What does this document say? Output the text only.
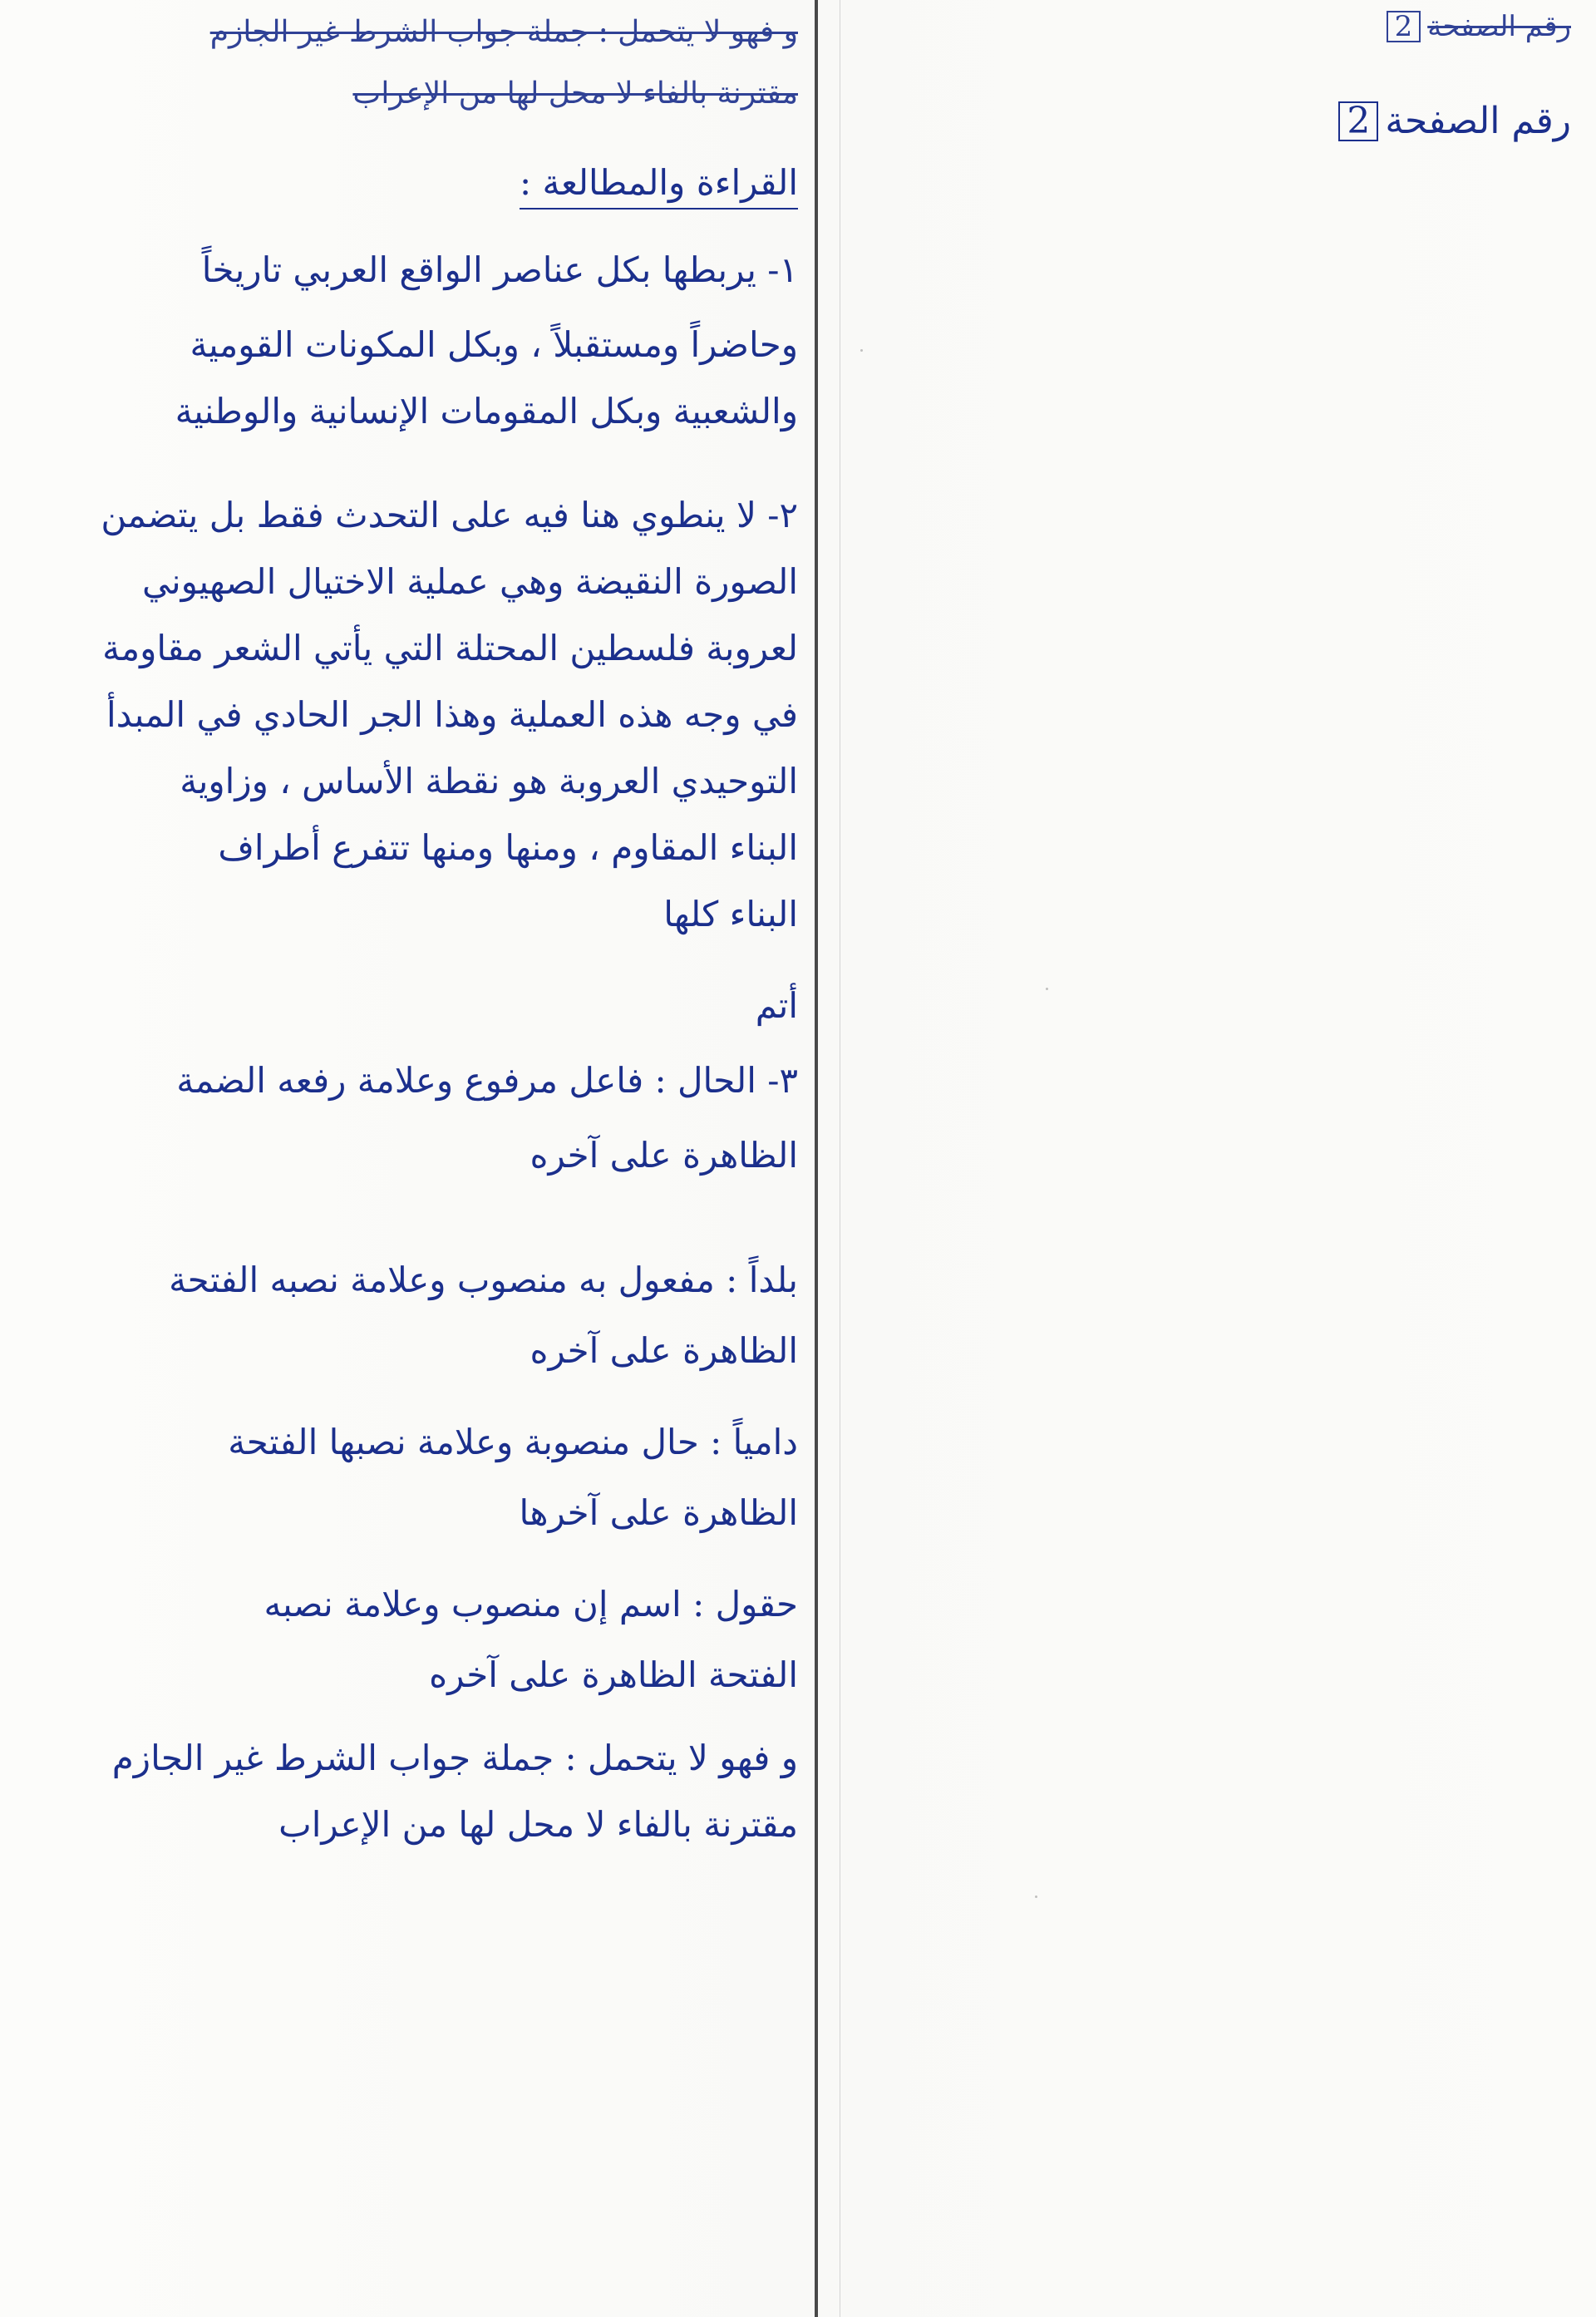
رقم الصفحة2
رقم الصفحة2
و فهو لا يتحمل : جملة جواب الشرط غير الجازم
مقترنة بالفاء لا محل لها من الإعراب
القراءة والمطالعة :
١- يربطها بكل عناصر الواقع العربي تاريخاً
وحاضراً ومستقبلاً ، وبكل المكونات القومية
والشعبية وبكل المقومات الإنسانية والوطنية
٢- لا ينطوي هنا فيه على التحدث فقط بل يتضمن
الصورة النقيضة وهي عملية الاختيال الصهيوني
لعروبة فلسطين المحتلة التي يأتي الشعر مقاومة
في وجه هذه العملية وهذا الجر الحادي في المبدأ
التوحيدي العروبة هو نقطة الأساس ، وزاوية
البناء المقاوم ، ومنها ومنها تتفرع أطراف
البناء كلها
أتم
٣- الحال : فاعل مرفوع وعلامة رفعه الضمة
الظاهرة على آخره
بلداً : مفعول به منصوب وعلامة نصبه الفتحة
الظاهرة على آخره
دامياً : حال منصوبة وعلامة نصبها الفتحة
الظاهرة على آخرها
حقول : اسم إن منصوب وعلامة نصبه
الفتحة الظاهرة على آخره
و فهو لا يتحمل : جملة جواب الشرط غير الجازم
مقترنة بالفاء لا محل لها من الإعراب
